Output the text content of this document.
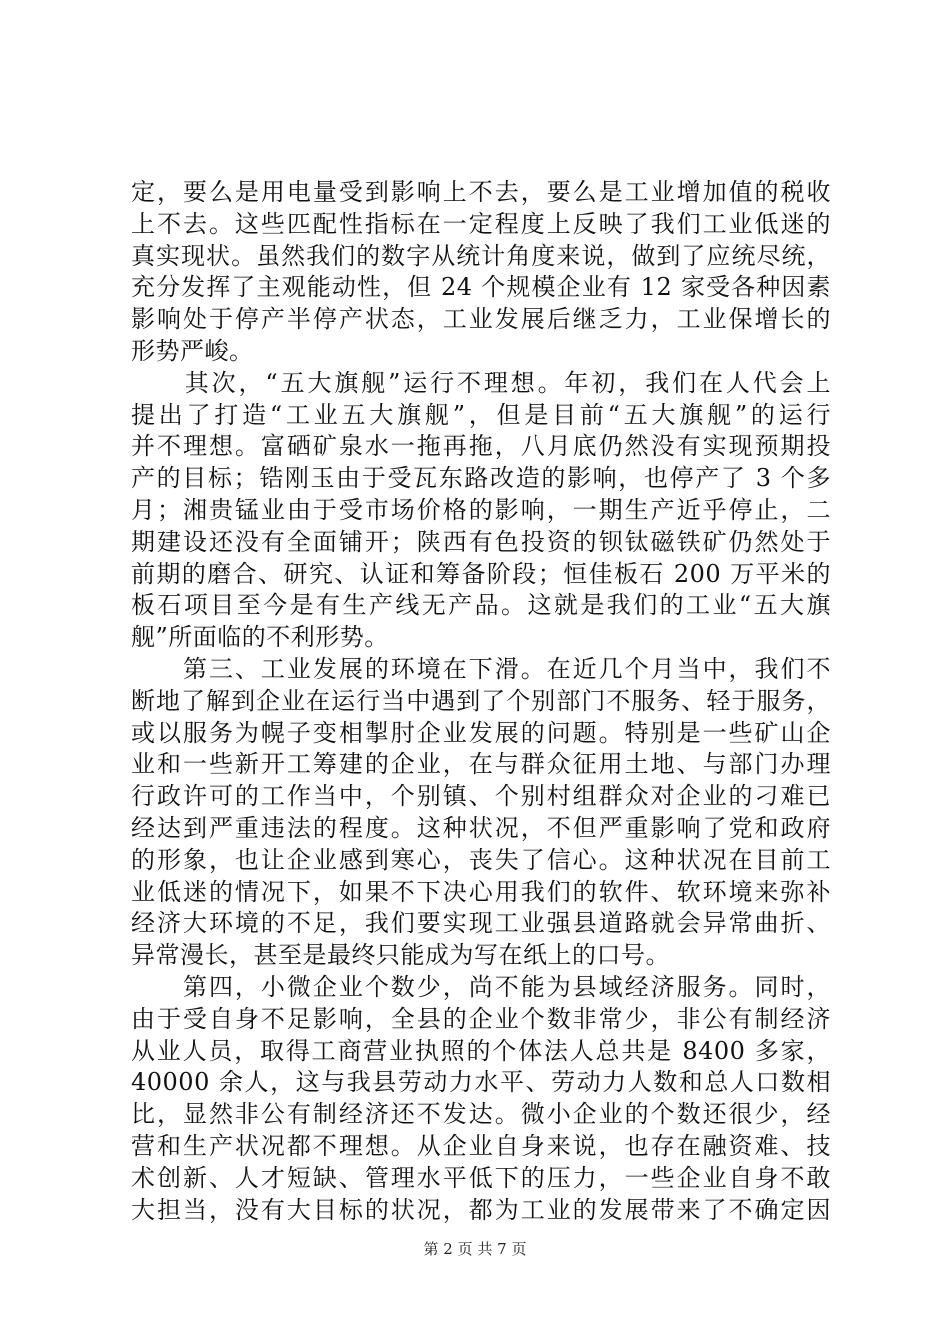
定，要么是用电量受到影响上不去，要么是工业增加值的税收
上不去。这些匹配性指标在一定程度上反映了我们工业低迷的
真实现状。虽然我们的数字从统计角度来说，做到了应统尽统，
充分发挥了主观能动性，但 24 个规模企业有 12 家受各种因素
影响处于停产半停产状态，工业发展后继乏力，工业保增长的
形势严峻。
　　其次，“五大旗舰”运行不理想。年初，我们在人代会上
提出了打造“工业五大旗舰”，但是目前“五大旗舰”的运行
并不理想。富硒矿泉水一拖再拖，八月底仍然没有实现预期投
产的目标；锆刚玉由于受瓦东路改造的影响，也停产了 3 个多
月；湘贵锰业由于受市场价格的影响，一期生产近乎停止，二
期建设还没有全面铺开；陕西有色投资的钡钛磁铁矿仍然处于
前期的磨合、研究、认证和筹备阶段；恒佳板石 200 万平米的
板石项目至今是有生产线无产品。这就是我们的工业“五大旗
舰”所面临的不利形势。
　　第三、工业发展的环境在下滑。在近几个月当中，我们不
断地了解到企业在运行当中遇到了个别部门不服务、轻于服务，
或以服务为幌子变相掣肘企业发展的问题。特别是一些矿山企
业和一些新开工筹建的企业，在与群众征用土地、与部门办理
行政许可的工作当中，个别镇、个别村组群众对企业的刁难已
经达到严重违法的程度。这种状况，不但严重影响了党和政府
的形象，也让企业感到寒心，丧失了信心。这种状况在目前工
业低迷的情况下，如果不下决心用我们的软件、软环境来弥补
经济大环境的不足，我们要实现工业强县道路就会异常曲折、
异常漫长，甚至是最终只能成为写在纸上的口号。
　　第四，小微企业个数少，尚不能为县域经济服务。同时，
由于受自身不足影响，全县的企业个数非常少，非公有制经济
从业人员，取得工商营业执照的个体法人总共是 8400 多家，
40000 余人，这与我县劳动力水平、劳动力人数和总人口数相
比，显然非公有制经济还不发达。微小企业的个数还很少，经
营和生产状况都不理想。从企业自身来说，也存在融资难、技
术创新、人才短缺、管理水平低下的压力，一些企业自身不敢
大担当，没有大目标的状况，都为工业的发展带来了不确定因
第 2 页 共 7 页
